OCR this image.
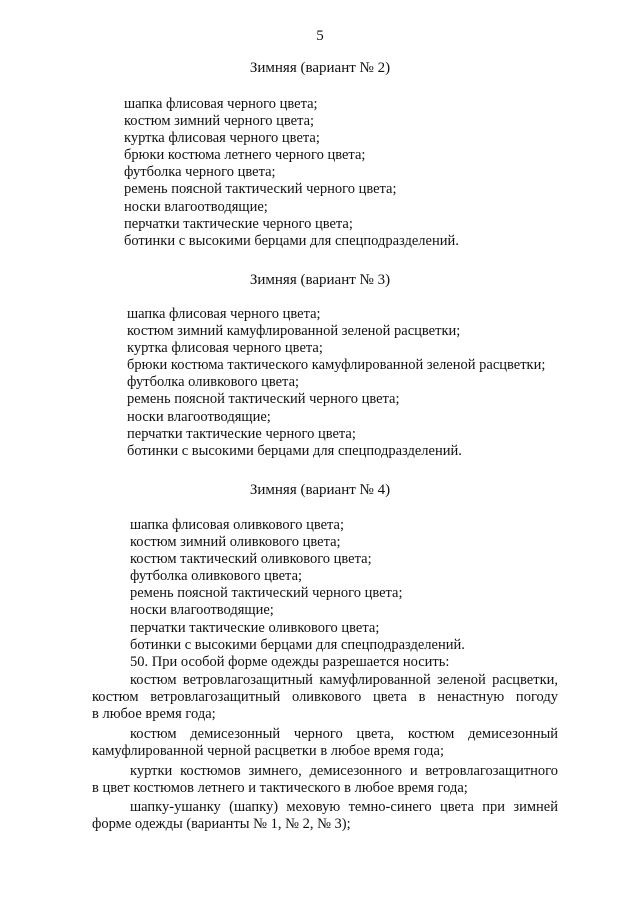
5
Зимняя (вариант № 2)
шапка флисовая черного цвета;
костюм зимний черного цвета;
куртка флисовая черного цвета;
брюки костюма летнего черного цвета;
футболка черного цвета;
ремень поясной тактический черного цвета;
носки влагоотводящие;
перчатки тактические черного цвета;
ботинки с высокими берцами для спецподразделений.
Зимняя (вариант № 3)
шапка флисовая черного цвета;
костюм зимний камуфлированной зеленой расцветки;
куртка флисовая черного цвета;
брюки костюма тактического камуфлированной зеленой расцветки;
футболка оливкового цвета;
ремень поясной тактический черного цвета;
носки влагоотводящие;
перчатки тактические черного цвета;
ботинки с высокими берцами для спецподразделений.
Зимняя (вариант № 4)
шапка флисовая оливкового цвета;
костюм зимний оливкового цвета;
костюм тактический оливкового цвета;
футболка оливкового цвета;
ремень поясной тактический черного цвета;
носки влагоотводящие;
перчатки тактические оливкового цвета;
ботинки с высокими берцами для спецподразделений.
50. При особой форме одежды разрешается носить:
костюм ветровлагозащитный камуфлированной зеленой расцветки,
костюм ветровлагозащитный оливкового цвета в ненастную погоду
в любое время года;
костюм демисезонный черного цвета, костюм демисезонный
камуфлированной черной расцветки в любое время года;
куртки костюмов зимнего, демисезонного и ветровлагозащитного
в цвет костюмов летнего и тактического в любое время года;
шапку-ушанку (шапку) меховую темно-синего цвета при зимней
форме одежды (варианты № 1, № 2, № 3);
